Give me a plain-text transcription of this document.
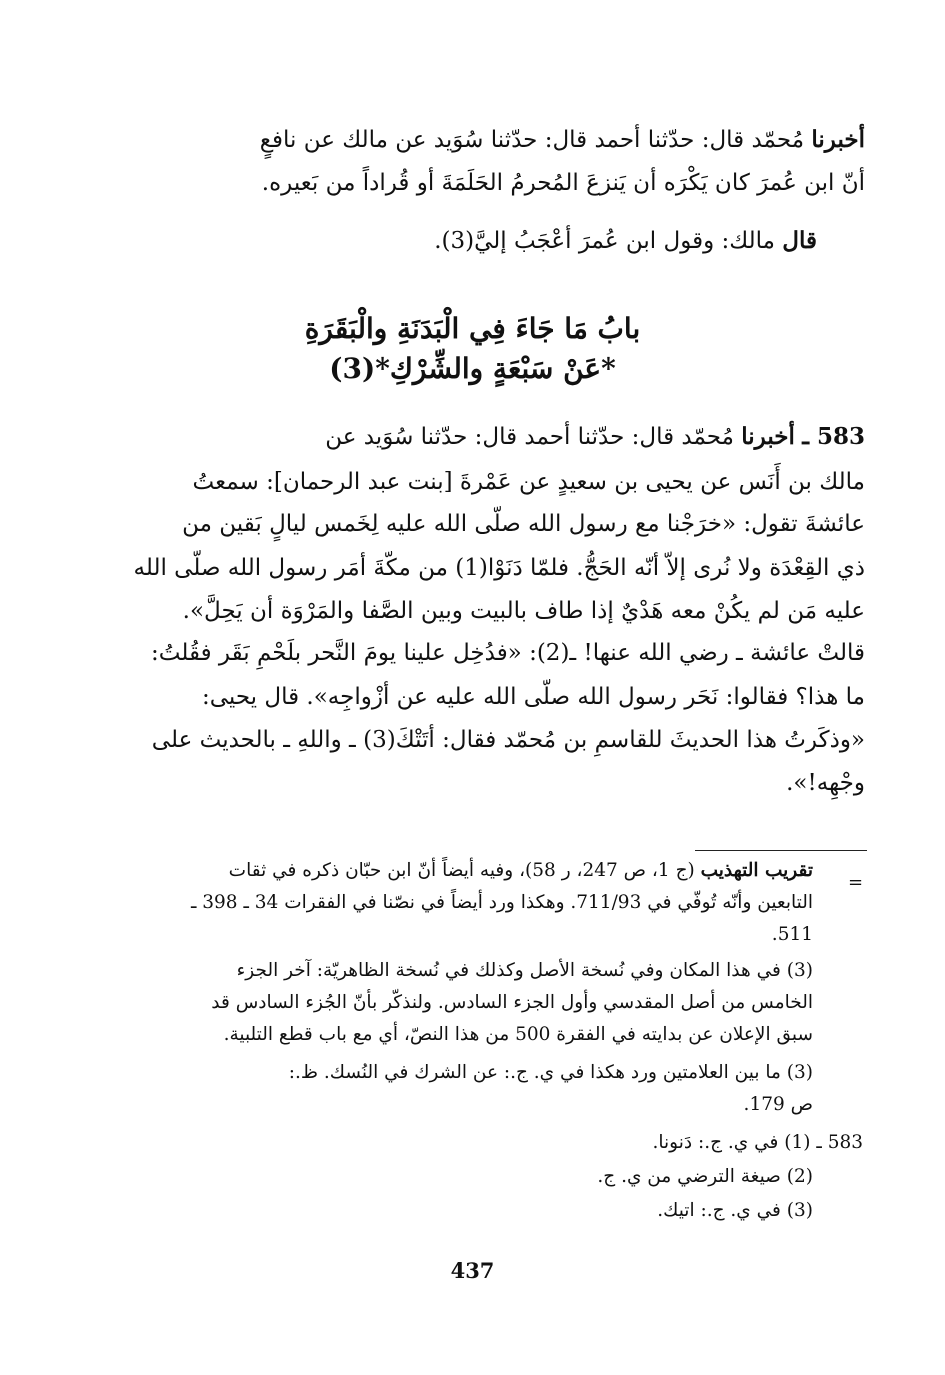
أخبرنا مُحمّد قال: حدّثنا أحمد قال: حدّثنا سُوَيد عن مالك عن نافعٍ
أنّ ابن عُمرَ كان يَكْرَه أن يَنزعَ المُحرمُ الحَلَمَةَ أو قُراداً من بَعيره.
قال مالك: وقول ابن عُمرَ أعْجَبُ إليَّ(3).
بابُ مَا جَاءَ فِي الْبَدَنَةِ والْبَقَرَةِ
*عَنْ سَبْعَةٍ والشِّرْكِ*(3)
583 ـ أخبرنا مُحمّد قال: حدّثنا أحمد قال: حدّثنا سُوَيد عن
مالك بن أَنَس عن يحيى بن سعيدٍ عن عَمْرةَ [بنت عبد الرحمان]: سمعتُ
عائشةَ تقول: «خرَجْنا مع رسول الله صلّى الله عليه لِخَمس ليالٍ بَقين من
ذي القِعْدَة ولا نُرى إلاّ أنّه الحَجُّ. فلمّا دَنَوْا(1) من مكّةَ أمَر رسول الله صلّى الله
عليه مَن لم يكُنْ معه هَدْيٌ إذا طاف بالبيت وبين الصَّفا والمَرْوَة أن يَحِلَّ».
قالتْ عائشة ـ رضي الله عنها! ـ(2): «فدُخِل علينا يومَ النَّحر بلَحْمِ بَقَر فقُلتُ:
ما هذا؟ فقالوا: نَحَر رسول الله صلّى الله عليه عن أزْواجِه». قال يحيى:
«وذكَرتُ هذا الحديثَ للقاسمِ بن مُحمّد فقال: أتَتْكَ(3) ـ واللهِ ـ بالحديث على
وجْهِه!».
=
تقريب التهذيب (ج 1، ص 247، ر 58)، وفيه أيضاً أنّ ابن حبّان ذكره في ثقات
التابعين وأنّه تُوفّي في 711/93. وهكذا ورد أيضاً في نصّنا في الفقرات 34 ـ 398 ـ
511.
(3) في هذا المكان وفي نُسخة الأصل وكذلك في نُسخة الظاهريّة: آخر الجزء
الخامس من أصل المقدسي وأول الجزء السادس. ولنذكّر بأنّ الجُزء السادس قد
سبق الإعلان عن بدايته في الفقرة 500 من هذا النصّ، أي مع باب قطع التلبية.
(3) ما بين العلامتين ورد هكذا في ي. ج.: عن الشرك في النُسك. ظ.:
ص 179.
583 ـ (1) في ي. ج.: دَنونا.
(2) صيغة الترضي من ي. ج.
(3) في ي. ج.: اتيك.
437
